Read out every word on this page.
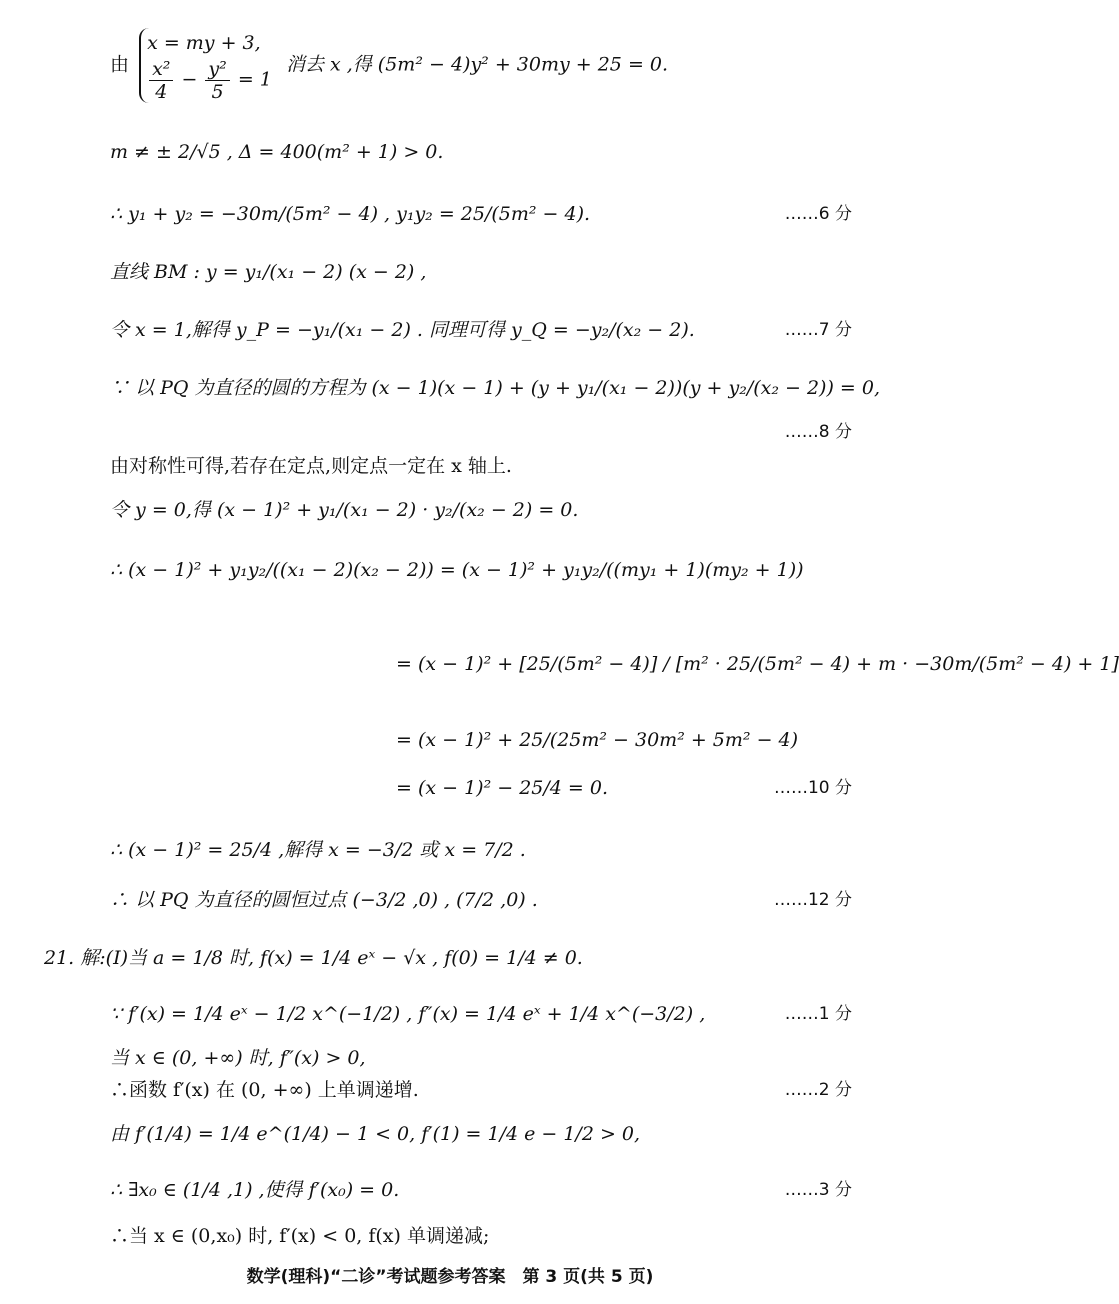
由
x = my + 3,
$\frac{\text{x²}}{4} - \frac{\text{y²}}{5} = 1$
消去 x ,得 (5m² − 4)y² + 30my + 25 = 0.
m ≠ ± 2/√5 , Δ = 400(m² + 1) > 0.
∴ y₁ + y₂ = −30m/(5m² − 4) , y₁y₂ = 25/(5m² − 4).	……6 分
直线 BM : y = y₁/(x₁ − 2) (x − 2) ,
令 x = 1,解得 y_P = −y₁/(x₁ − 2) . 同理可得 y_Q = −y₂/(x₂ − 2).	……7 分
∵ 以 PQ 为直径的圆的方程为 (x − 1)(x − 1) + (y + y₁/(x₁ − 2))(y + y₂/(x₂ − 2)) = 0,
……8 分
由对称性可得,若存在定点,则定点一定在 x 轴上.
令 y = 0,得 (x − 1)² + y₁/(x₁ − 2) · y₂/(x₂ − 2) = 0.
∴ (x − 1)² + y₁y₂/((x₁ − 2)(x₂ − 2)) = (x − 1)² + y₁y₂/((my₁ + 1)(my₂ + 1))
= (x − 1)² + [25/(5m² − 4)] / [m² · 25/(5m² − 4) + m · −30m/(5m² − 4) + 1]
= (x − 1)² + 25/(25m² − 30m² + 5m² − 4)
= (x − 1)² − 25/4 = 0.	……10 分
∴ (x − 1)² = 25/4 ,解得 x = −3/2 或 x = 7/2 .
∴ 以 PQ 为直径的圆恒过点 (−3/2 ,0) , (7/2 ,0) .	……12 分
21. 解:(Ⅰ)当 a = 1/8 时, f(x) = 1/4 eˣ − √x , f(0) = 1/4 ≠ 0.
∵ f′(x) = 1/4 eˣ − 1/2 x^(−1/2) , f″(x) = 1/4 eˣ + 1/4 x^(−3/2) ,	……1 分
当 x ∈ (0, +∞) 时, f″(x) > 0,
∴函数 f′(x) 在 (0, +∞) 上单调递增.	……2 分
由 f′(1/4) = 1/4 e^(1/4) − 1 < 0, f′(1) = 1/4 e − 1/2 > 0,
∴ ∃x₀ ∈ (1/4 ,1) ,使得 f′(x₀) = 0.	……3 分
∴当 x ∈ (0,x₀) 时, f′(x) < 0, f(x) 单调递减;
数学(理科)“二诊”考试题参考答案　第 3 页(共 5 页)
